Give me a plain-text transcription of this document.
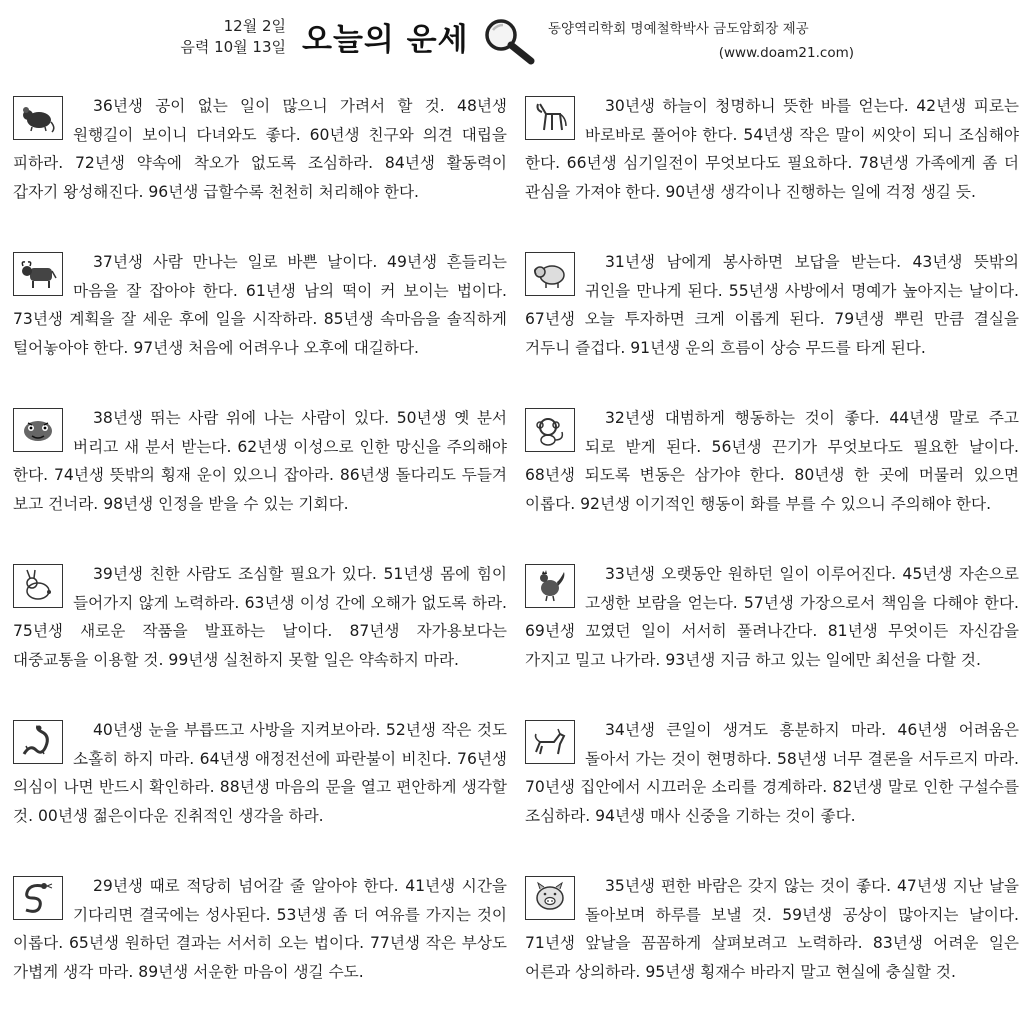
12월 2일
음력 10월 13일 오늘의 운세	동양역리학회 명예철학박사 금도암회장 제공
(www.doam21.com)
36년생 공이 없는 일이 많으니 가려서 할 것. 48년생 원행길이 보이니 다녀와도 좋다. 60년생 친구와 의견 대립을 피하라. 72년생 약속에 착오가 없도록 조심하라. 84년생 활동력이 갑자기 왕성해진다. 96년생 급할수록 천천히 처리해야 한다.
37년생 사람 만나는 일로 바쁜 날이다. 49년생 흔들리는 마음을 잘 잡아야 한다. 61년생 남의 떡이 커 보이는 법이다. 73년생 계획을 잘 세운 후에 일을 시작하라. 85년생 속마음을 솔직하게 털어놓아야 한다. 97년생 처음에 어려우나 오후에 대길하다.
38년생 뛰는 사람 위에 나는 사람이 있다. 50년생 옛 분서 버리고 새 분서 받는다. 62년생 이성으로 인한 망신을 주의해야 한다. 74년생 뜻밖의 횡재 운이 있으니 잡아라. 86년생 돌다리도 두들겨 보고 건너라. 98년생 인정을 받을 수 있는 기회다.
39년생 친한 사람도 조심할 필요가 있다. 51년생 몸에 힘이 들어가지 않게 노력하라. 63년생 이성 간에 오해가 없도록 하라. 75년생 새로운 작품을 발표하는 날이다. 87년생 자가용보다는 대중교통을 이용할 것. 99년생 실천하지 못할 일은 약속하지 마라.
40년생 눈을 부릅뜨고 사방을 지켜보아라. 52년생 작은 것도 소홀히 하지 마라. 64년생 애정전선에 파란불이 비친다. 76년생 의심이 나면 반드시 확인하라. 88년생 마음의 문을 열고 편안하게 생각할 것. 00년생 젊은이다운 진취적인 생각을 하라.
29년생 때로 적당히 넘어갈 줄 알아야 한다. 41년생 시간을 기다리면 결국에는 성사된다. 53년생 좀 더 여유를 가지는 것이 이롭다. 65년생 원하던 결과는 서서히 오는 법이다. 77년생 작은 부상도 가볍게 생각 마라. 89년생 서운한 마음이 생길 수도.
30년생 하늘이 청명하니 뜻한 바를 얻는다. 42년생 피로는 바로바로 풀어야 한다. 54년생 작은 말이 씨앗이 되니 조심해야 한다. 66년생 심기일전이 무엇보다도 필요하다. 78년생 가족에게 좀 더 관심을 가져야 한다. 90년생 생각이나 진행하는 일에 걱정 생길 듯.
31년생 남에게 봉사하면 보답을 받는다. 43년생 뜻밖의 귀인을 만나게 된다. 55년생 사방에서 명예가 높아지는 날이다. 67년생 오늘 투자하면 크게 이롭게 된다. 79년생 뿌린 만큼 결실을 거두니 즐겁다. 91년생 운의 흐름이 상승 무드를 타게 된다.
32년생 대범하게 행동하는 것이 좋다. 44년생 말로 주고 되로 받게 된다. 56년생 끈기가 무엇보다도 필요한 날이다. 68년생 되도록 변동은 삼가야 한다. 80년생 한 곳에 머물러 있으면 이롭다. 92년생 이기적인 행동이 화를 부를 수 있으니 주의해야 한다.
33년생 오랫동안 원하던 일이 이루어진다. 45년생 자손으로 고생한 보람을 얻는다. 57년생 가장으로서 책임을 다해야 한다. 69년생 꼬였던 일이 서서히 풀려나간다. 81년생 무엇이든 자신감을 가지고 밀고 나가라. 93년생 지금 하고 있는 일에만 최선을 다할 것.
34년생 큰일이 생겨도 흥분하지 마라. 46년생 어려움은 돌아서 가는 것이 현명하다. 58년생 너무 결론을 서두르지 마라. 70년생 집안에서 시끄러운 소리를 경계하라. 82년생 말로 인한 구설수를 조심하라. 94년생 매사 신중을 기하는 것이 좋다.
35년생 편한 바람은 갖지 않는 것이 좋다. 47년생 지난 날을 돌아보며 하루를 보낼 것. 59년생 공상이 많아지는 날이다. 71년생 앞날을 꼼꼼하게 살펴보려고 노력하라. 83년생 어려운 일은 어른과 상의하라. 95년생 횡재수 바라지 말고 현실에 충실할 것.
